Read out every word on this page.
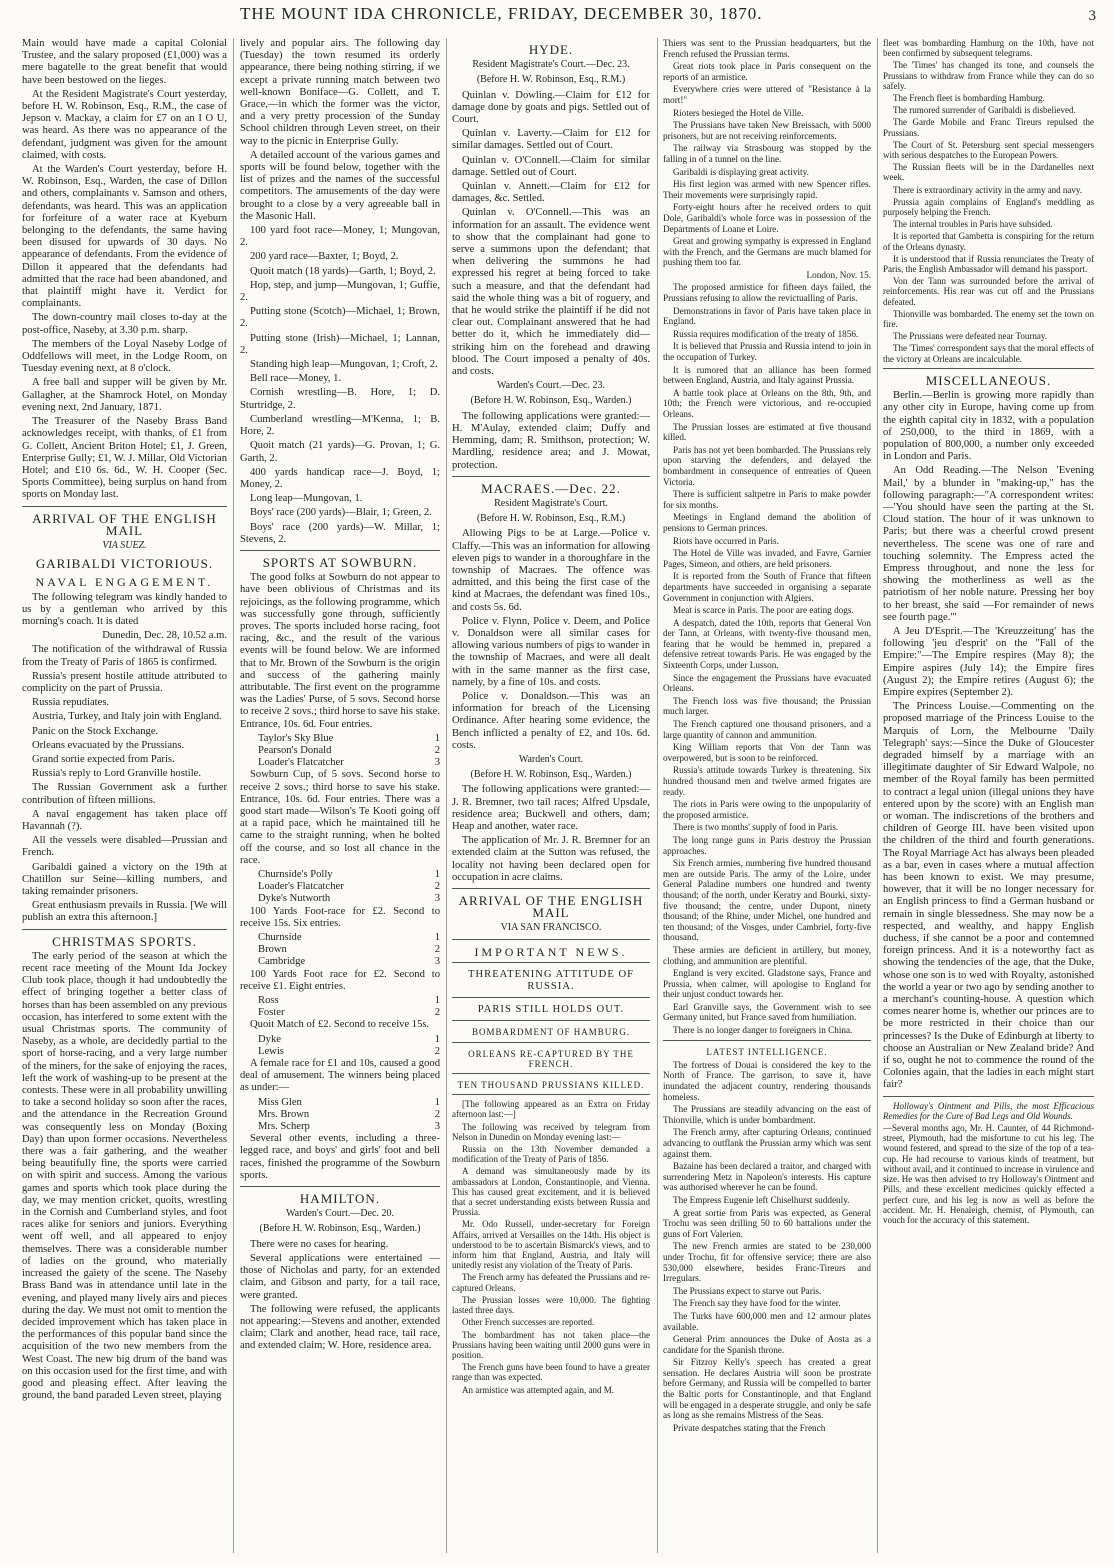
THE MOUNT IDA CHRONICLE, FRIDAY, DECEMBER 30, 1870.	3

Main would have made a capital Colonial Trustee, and the salary proposed (£1,000) was a mere bagatelle to the great benefit that would have been bestowed on the lieges.

At the Resident Magistrate's Court yesterday, before H. W. Robinson, Esq., R.M., the case of Jepson v. Mackay, a claim for £7 on an I O U, was heard. As there was no appearance of the defendant, judgment was given for the amount claimed, with costs.

At the Warden's Court yesterday, before H. W. Robinson, Esq., Warden, the case of Dillon and others, complainants v. Samson and others, defendants, was heard. This was an application for forfeiture of a water race at Kyeburn belonging to the defendants, the same having been disused for upwards of 30 days. No appearance of defendants. From the evidence of Dillon it appeared that the defendants had admitted that the race had been abandoned, and that plaintiff might have it. Verdict for complainants.

The down-country mail closes to-day at the post-office, Naseby, at 3.30 p.m. sharp.

The members of the Loyal Naseby Lodge of Oddfellows will meet, in the Lodge Room, on Tuesday evening next, at 8 o'clock.

A free ball and supper will be given by Mr. Gallagher, at the Shamrock Hotel, on Monday evening next, 2nd January, 1871.

The Treasurer of the Naseby Brass Band acknowledges receipt, with thanks, of £1 from G. Collett, Ancient Briton Hotel; £1, J. Green, Enterprise Gully; £1, W. J. Millar, Old Victorian Hotel; and £10 6s. 6d., W. H. Cooper (Sec. Sports Committee), being surplus on hand from sports on Monday last.

ARRIVAL OF THE ENGLISH MAIL
VIA SUEZ.
GARIBALDI VICTORIOUS.
NAVAL ENGAGEMENT.

The following telegram was kindly handed to us by a gentleman who arrived by this morning's coach. It is dated

Dunedin, Dec. 28, 10.52 a.m.

The notification of the withdrawal of Russia from the Treaty of Paris of 1865 is confirmed.

Russia's present hostile attitude attributed to complicity on the part of Prussia.

Russia repudiates.

Austria, Turkey, and Italy join with England.

Panic on the Stock Exchange.

Orleans evacuated by the Prussians.

Grand sortie expected from Paris.

Russia's reply to Lord Granville hostile.

The Russian Government ask a further contribution of fifteen millions.

A naval engagement has taken place off Havannah (?).

All the vessels were disabled—Prussian and French.

Garibaldi gained a victory on the 19th at Chatillon sur Seine—killing numbers, and taking remainder prisoners.

Great enthusiasm prevails in Russia. [We will publish an extra this afternoon.]

CHRISTMAS SPORTS.

The early period of the season at which the recent race meeting of the Mount Ida Jockey Club took place, though it had undoubtedly the effect of bringing together a better class of horses than has been assembled on any previous occasion, has interfered to some extent with the usual Christmas sports. The community of Naseby, as a whole, are decidedly partial to the sport of horse-racing, and a very large number of the miners, for the sake of enjoying the races, left the work of washing-up to be present at the contests. These were in all probability unwilling to take a second holiday so soon after the races, and the attendance in the Recreation Ground was consequently less on Monday (Boxing Day) than upon former occasions. Nevertheless there was a fair gathering, and the weather being beautifully fine, the sports were carried on with spirit and success. Among the various games and sports which took place during the day, we may mention cricket, quoits, wrestling in the Cornish and Cumberland styles, and foot races alike for seniors and juniors. Everything went off well, and all appeared to enjoy themselves. There was a considerable number of ladies on the ground, who materially increased the gaiety of the scene. The Naseby Brass Band was in attendance until late in the evening, and played many lively airs and pieces during the day. We must not omit to mention the decided improvement which has taken place in the performances of this popular band since the acquisition of the two new members from the West Coast. The new big drum of the band was on this occasion used for the first time, and with good and pleasing effect. After leaving the ground, the band paraded Leven street, playing

lively and popular airs. The following day (Tuesday) the town resumed its orderly appearance, there being nothing stirring, if we except a private running match between two well-known Boniface—G. Collett, and T. Grace,—in which the former was the victor, and a very pretty procession of the Sunday School children through Leven street, on their way to the picnic in Enterprise Gully.

A detailed account of the various games and sports will be found below, together with the list of prizes and the names of the successful competitors. The amusements of the day were brought to a close by a very agreeable ball in the Masonic Hall.

100 yard foot race—Money, 1; Mungovan, 2.

200 yard race—Baxter, 1; Boyd, 2.

Quoit match (18 yards)—Garth, 1; Boyd, 2.

Hop, step, and jump—Mungovan, 1; Guffie, 2.

Putting stone (Scotch)—Michael, 1; Brown, 2.

Putting stone (Irish)—Michael, 1; Lannan, 2.

Standing high leap—Mungovan, 1; Croft, 2.

Bell race—Money, 1.

Cornish wrestling—B. Hore, 1; D. Sturtridge, 2.

Cumberland wrestling—M'Kenna, 1; B. Hore, 2.

Quoit match (21 yards)—G. Provan, 1; G. Garth, 2.

400 yards handicap race—J. Boyd, 1; Money, 2.

Long leap—Mungovan, 1.

Boys' race (200 yards)—Blair, 1; Green, 2.

Boys' race (200 yards)—W. Millar, 1; Stevens, 2.

SPORTS AT SOWBURN.

The good folks at Sowburn do not appear to have been oblivious of Christmas and its rejoicings, as the following programme, which was successfully gone through, sufficiently proves. The sports included horse racing, foot racing, &c., and the result of the various events will be found below. We are informed that to Mr. Brown of the Sowburn is the origin and success of the gathering mainly attributable. The first event on the programme was the Ladies' Purse, of 5 sovs. Second horse to receive 2 sovs.; third horse to save his stake. Entrance, 10s. 6d. Four entries.

Taylor's Sky Blue	1
Pearson's Donald	2
Loader's Flatcatcher	3

Sowburn Cup, of 5 sovs. Second horse to receive 2 sovs.; third horse to save his stake. Entrance, 10s. 6d. Four entries. There was a good start made—Wilson's Te Kooti going off at a rapid pace, which he maintained till he came to the straight running, when he bolted off the course, and so lost all chance in the race.

Churnside's Polly	1
Loader's Flatcatcher	2
Dyke's Nutworth	3

100 Yards Foot-race for £2. Second to receive 15s. Six entries.

Churnside	1
Brown	2
Cambridge	3

100 Yards Foot race for £2. Second to receive £1. Eight entries.

Ross	1
Foster	2

Quoit Match of £2. Second to receive 15s.

Dyke	1
Lewis	2

A female race for £1 and 10s, caused a good deal of amusement. The winners being placed as under:—

Miss Glen	1
Mrs. Brown	2
Mrs. Scherp	3

Several other events, including a three-legged race, and boys' and girls' foot and bell races, finished the programme of the Sowburn sports.

HAMILTON.
Warden's Court.—Dec. 20.
(Before H. W. Robinson, Esq., Warden.)

There were no cases for hearing.

Several applications were entertained —those of Nicholas and party, for an extended claim, and Gibson and party, for a tail race, were granted.

The following were refused, the applicants not appearing:—Stevens and another, extended claim; Clark and another, head race, tail race, and extended claim; W. Hore, residence area.

HYDE.
Resident Magistrate's Court.—Dec. 23.
(Before H. W. Robinson, Esq., R.M.)

Quinlan v. Dowling.—Claim for £12 for damage done by goats and pigs. Settled out of Court.

Quinlan v. Laverty.—Claim for £12 for similar damages. Settled out of Court.

Quinlan v. O'Connell.—Claim for similar damage. Settled out of Court.

Quinlan v. Annett.—Claim for £12 for damages, &c. Settled.

Quinlan v. O'Connell.—This was an information for an assault. The evidence went to show that the complainant had gone to serve a summons upon the defendant; that when delivering the summons he had expressed his regret at being forced to take such a measure, and that the defendant had said the whole thing was a bit of roguery, and that he would strike the plaintiff if he did not clear out. Complainant answered that he had better do it, which he immediately did—striking him on the forehead and drawing blood. The Court imposed a penalty of 40s. and costs.

Warden's Court.—Dec. 23.
(Before H. W. Robinson, Esq., Warden.)

The following applications were granted:—H. M'Aulay, extended claim; Duffy and Hemming, dam; R. Smithson, protection; W. Mardling, residence area; and J. Mowat, protection.

MACRAES.—Dec. 22.
Resident Magistrate's Court.
(Before H. W. Robinson, Esq., R.M.)

Allowing Pigs to be at Large.—Police v. Claffy.—This was an information for allowing eleven pigs to wander in a thoroughfare in the township of Macraes. The offence was admitted, and this being the first case of the kind at Macraes, the defendant was fined 10s., and costs 5s. 6d.

Police v. Flynn, Police v. Deem, and Police v. Donaldson were all similar cases for allowing various numbers of pigs to wander in the township of Macraes, and were all dealt with in the same manner as the first case, namely, by a fine of 10s. and costs.

Police v. Donaldson.—This was an information for breach of the Licensing Ordinance. After hearing some evidence, the Bench inflicted a penalty of £2, and 10s. 6d. costs.

Warden's Court.
(Before H. W. Robinson, Esq., Warden.)

The following applications were granted:—J. R. Bremner, two tail races; Alfred Upsdale, residence area; Buckwell and others, dam; Heap and another, water race.

The application of Mr. J. R. Bremner for an extended claim at the Sutton was refused, the locality not having been declared open for occupation in acre claims.

ARRIVAL OF THE ENGLISH MAIL
VIA SAN FRANCISCO.
IMPORTANT NEWS.
THREATENING ATTITUDE OF RUSSIA.
PARIS STILL HOLDS OUT.
BOMBARDMENT OF HAMBURG.
ORLEANS RE-CAPTURED BY THE FRENCH.
TEN THOUSAND PRUSSIANS KILLED.

[The following appeared as an Extra on Friday afternoon last:—]

The following was received by telegram from Nelson in Dunedin on Monday evening last:—

Russia on the 13th November demanded a modification of the Treaty of Paris of 1856.

A demand was simultaneously made by its ambassadors at London, Constantinople, and Vienna. This has caused great excitement, and it is believed that a secret understanding exists between Russia and Prussia.

Mr. Odo Russell, under-secretary for Foreign Affairs, arrived at Versailles on the 14th. His object is understood to be to ascertain Bismarck's views, and to inform him that England, Austria, and Italy will unitedly resist any violation of the Treaty of Paris.

The French army has defeated the Prussians and re-captured Orleans.

The Prussian losses were 10,000. The fighting lasted three days.

Other French successes are reported.

The bombardment has not taken place—the Prussians having been waiting until 2000 guns were in position.

The French guns have been found to have a greater range than was expected.

An armistice was attempted again, and M.

Thiers was sent to the Prussian headquarters, but the French refused the Prussian terms.

Great riots took place in Paris consequent on the reports of an armistice.

Everywhere cries were uttered of "Resistance à la mort!"

Rioters besieged the Hotel de Ville.

The Prussians have taken New Breissach, with 5000 prisoners, but are not receiving reinforcements.

The railway via Strasbourg was stopped by the falling in of a tunnel on the line.

Garibaldi is displaying great activity.

His first legion was armed with new Spencer rifles. Their movements were surprisingly rapid.

Forty-eight hours after he received orders to quit Dole, Garibaldi's whole force was in possession of the Departments of Loane et Loire.

Great and growing sympathy is expressed in England with the French, and the Germans are much blamed for pushing them too far.

London, Nov. 15.

The proposed armistice for fifteen days failed, the Prussians refusing to allow the revictualling of Paris.

Demonstrations in favor of Paris have taken place in England.

Russia requires modification of the treaty of 1856.

It is believed that Prussia and Russia intend to join in the occupation of Turkey.

It is rumored that an alliance has been formed between England, Austria, and Italy against Prussia.

A battle took place at Orleans on the 8th, 9th, and 10th; the French were victorious, and re-occupied Orleans.

The Prussian losses are estimated at five thousand killed.

Paris has not yet been bombarded. The Prussians rely upon starving the defenders, and delayed the bombardment in consequence of entreaties of Queen Victoria.

There is sufficient saltpetre in Paris to make powder for six months.

Meetings in England demand the abolition of pensions to German princes.

Riots have occurred in Paris.

The Hotel de Ville was invaded, and Favre, Garnier Pages, Simeon, and others, are held prisoners.

It is reported from the South of France that fifteen departments have succeeded in organising a separate Government in conjunction with Algiers.

Meat is scarce in Paris. The poor are eating dogs.

A despatch, dated the 10th, reports that General Von der Tann, at Orleans, with twenty-five thousand men, fearing that he would be hemmed in, prepared a defensive retreat towards Paris. He was engaged by the Sixteenth Corps, under Lusson.

Since the engagement the Prussians have evacuated Orleans.

The French loss was five thousand; the Prussian much larger.

The French captured one thousand prisoners, and a large quantity of cannon and ammunition.

King William reports that Von der Tann was overpowered, but is soon to be reinforced.

Russia's attitude towards Turkey is threatening. Six hundred thousand men and twelve armed frigates are ready.

The riots in Paris were owing to the unpopularity of the proposed armistice.

There is two months' supply of food in Paris.

The long range guns in Paris destroy the Prussian approaches.

Six French armies, numbering five hundred thousand men are outside Paris. The army of the Loire, under General Paladine numbers one hundred and twenty thousand; of the north, under Keratry and Bourki, sixty-five thousand; the centre, under Dupont, ninety thousand; of the Rhine, under Michel, one hundred and ten thousand; of the Vosges, under Cambriel, forty-five thousand.

These armies are deficient in artillery, but money, clothing, and ammunition are plentiful.

England is very excited. Gladstone says, France and Prussia, when calmer, will apologise to England for their unjust conduct towards her.

Earl Granville says, the Government wish to see Germany united, but France saved from humiliation.

There is no longer danger to foreigners in China.

LATEST INTELLIGENCE.

The fortress of Douai is considered the key to the North of France. The garrison, to save it, have inundated the adjacent country, rendering thousands homeless.

The Prussians are steadily advancing on the east of Thionville, which is under bombardment.

The French army, after capturing Orleans, continued advancing to outflank the Prussian army which was sent against them.

Bazaine has been declared a traitor, and charged with surrendering Metz in Napoleon's interests. His capture was authorised wherever he can be found.

The Empress Eugenie left Chiselhurst suddenly.

A great sortie from Paris was expected, as General Trochu was seen drilling 50 to 60 battalions under the guns of Fort Valerien.

The new French armies are stated to be 230,000 under Trochu, fit for offensive service; there are also 530,000 elsewhere, besides Franc-Tireurs and Irregulars.

The Prussians expect to starve out Paris.

The French say they have food for the winter.

The Turks have 600,000 men and 12 armour plates available.

General Prim announces the Duke of Aosta as a candidate for the Spanish throne.

Sir Fitzroy Kelly's speech has created a great sensation. He declares Austria will soon be prostrate before Germany, and Russia will be compelled to barter the Baltic ports for Constantinople, and that England will be engaged in a desperate struggle, and only be safe as long as she remains Mistress of the Seas.

Private despatches stating that the French

fleet was bombarding Hamburg on the 10th, have not been confirmed by subsequent telegrams.

The 'Times' has changed its tone, and counsels the Prussians to withdraw from France while they can do so safely.

The French fleet is bombarding Hamburg.

The rumored surrender of Garibaldi is disbelieved.

The Garde Mobile and Franc Tireurs repulsed the Prussians.

The Court of St. Petersburg sent special messengers with serious despatches to the European Powers.

The Russian fleets will be in the Dardanelles next week.

There is extraordinary activity in the army and navy.

Prussia again complains of England's meddling as purposely helping the French.

The internal troubles in Paris have subsided.

It is reported that Gambetta is conspiring for the return of the Orleans dynasty.

It is understood that if Russia renunciates the Treaty of Paris, the English Ambassador will demand his passport.

Von der Tann was surrounded before the arrival of reinforcements. His rear was cut off and the Prussians defeated.

Thionville was bombarded. The enemy set the town on fire.

The Prussians were defeated near Tournay.

The 'Times' correspondent says that the moral effects of the victory at Orleans are incalculable.

MISCELLANEOUS.

Berlin.—Berlin is growing more rapidly than any other city in Europe, having come up from the eighth capital city in 1832, with a population of 250,000, to the third in 1869, with a population of 800,000, a number only exceeded in London and Paris.

An Odd Reading.—The Nelson 'Evening Mail,' by a blunder in "making-up," has the following paragraph:—"A correspondent writes:—'You should have seen the parting at the St. Cloud station. The hour of it was unknown to Paris; but there was a cheerful crowd present nevertheless. The scene was one of rare and touching solemnity. The Empress acted the Empress throughout, and none the less for showing the motherliness as well as the patriotism of her noble nature. Pressing her boy to her breast, she said —For remainder of news see fourth page.'"

A Jeu D'Esprit.—The 'Kreuzzeitung' has the following 'jeu d'esprit' on the "Fall of the Empire:"—The Empire respires (May 8); the Empire aspires (July 14); the Empire fires (August 2); the Empire retires (August 6); the Empire expires (September 2).

The Princess Louise.—Commenting on the proposed marriage of the Princess Louise to the Marquis of Lorn, the Melbourne 'Daily Telegraph' says:—Since the Duke of Gloucester degraded himself by a marriage with an illegitimate daughter of Sir Edward Walpole, no member of the Royal family has been permitted to contract a legal union (illegal unions they have entered upon by the score) with an English man or woman. The indiscretions of the brothers and children of George III. have been visited upon the children of the third and fourth generations. The Royal Marriage Act has always been pleaded as a bar, even in cases where a mutual affection has been known to exist. We may presume, however, that it will be no longer necessary for an English princess to find a German husband or remain in single blessedness. She may now be a respected, and wealthy, and happy English duchess, if she cannot be a poor and contemned foreign princess. And it is a noteworthy fact as showing the tendencies of the age, that the Duke, whose one son is to wed with Royalty, astonished the world a year or two ago by sending another to a merchant's counting-house. A question which comes nearer home is, whether our princes are to be more restricted in their choice than our princesses? Is the Duke of Edinburgh at liberty to choose an Australian or New Zealand bride? And if so, ought he not to commence the round of the Colonies again, that the ladies in each might start fair?

Holloway's Ointment and Pills, the most Efficacious Remedies for the Cure of Bad Legs and Old Wounds.

—Several months ago, Mr. H. Caunter, of 44 Richmond-street, Plymouth, had the misfortune to cut his leg. The wound festered, and spread to the size of the top of a tea-cup. He had recourse to various kinds of treatment, but without avail, and it continued to increase in virulence and size. He was then advised to try Holloway's Ointment and Pills, and these excellent medicines quickly effected a perfect cure, and his leg is now as well as before the accident. Mr. H. Henaleigh, chemist, of Plymouth, can vouch for the accuracy of this statement.
